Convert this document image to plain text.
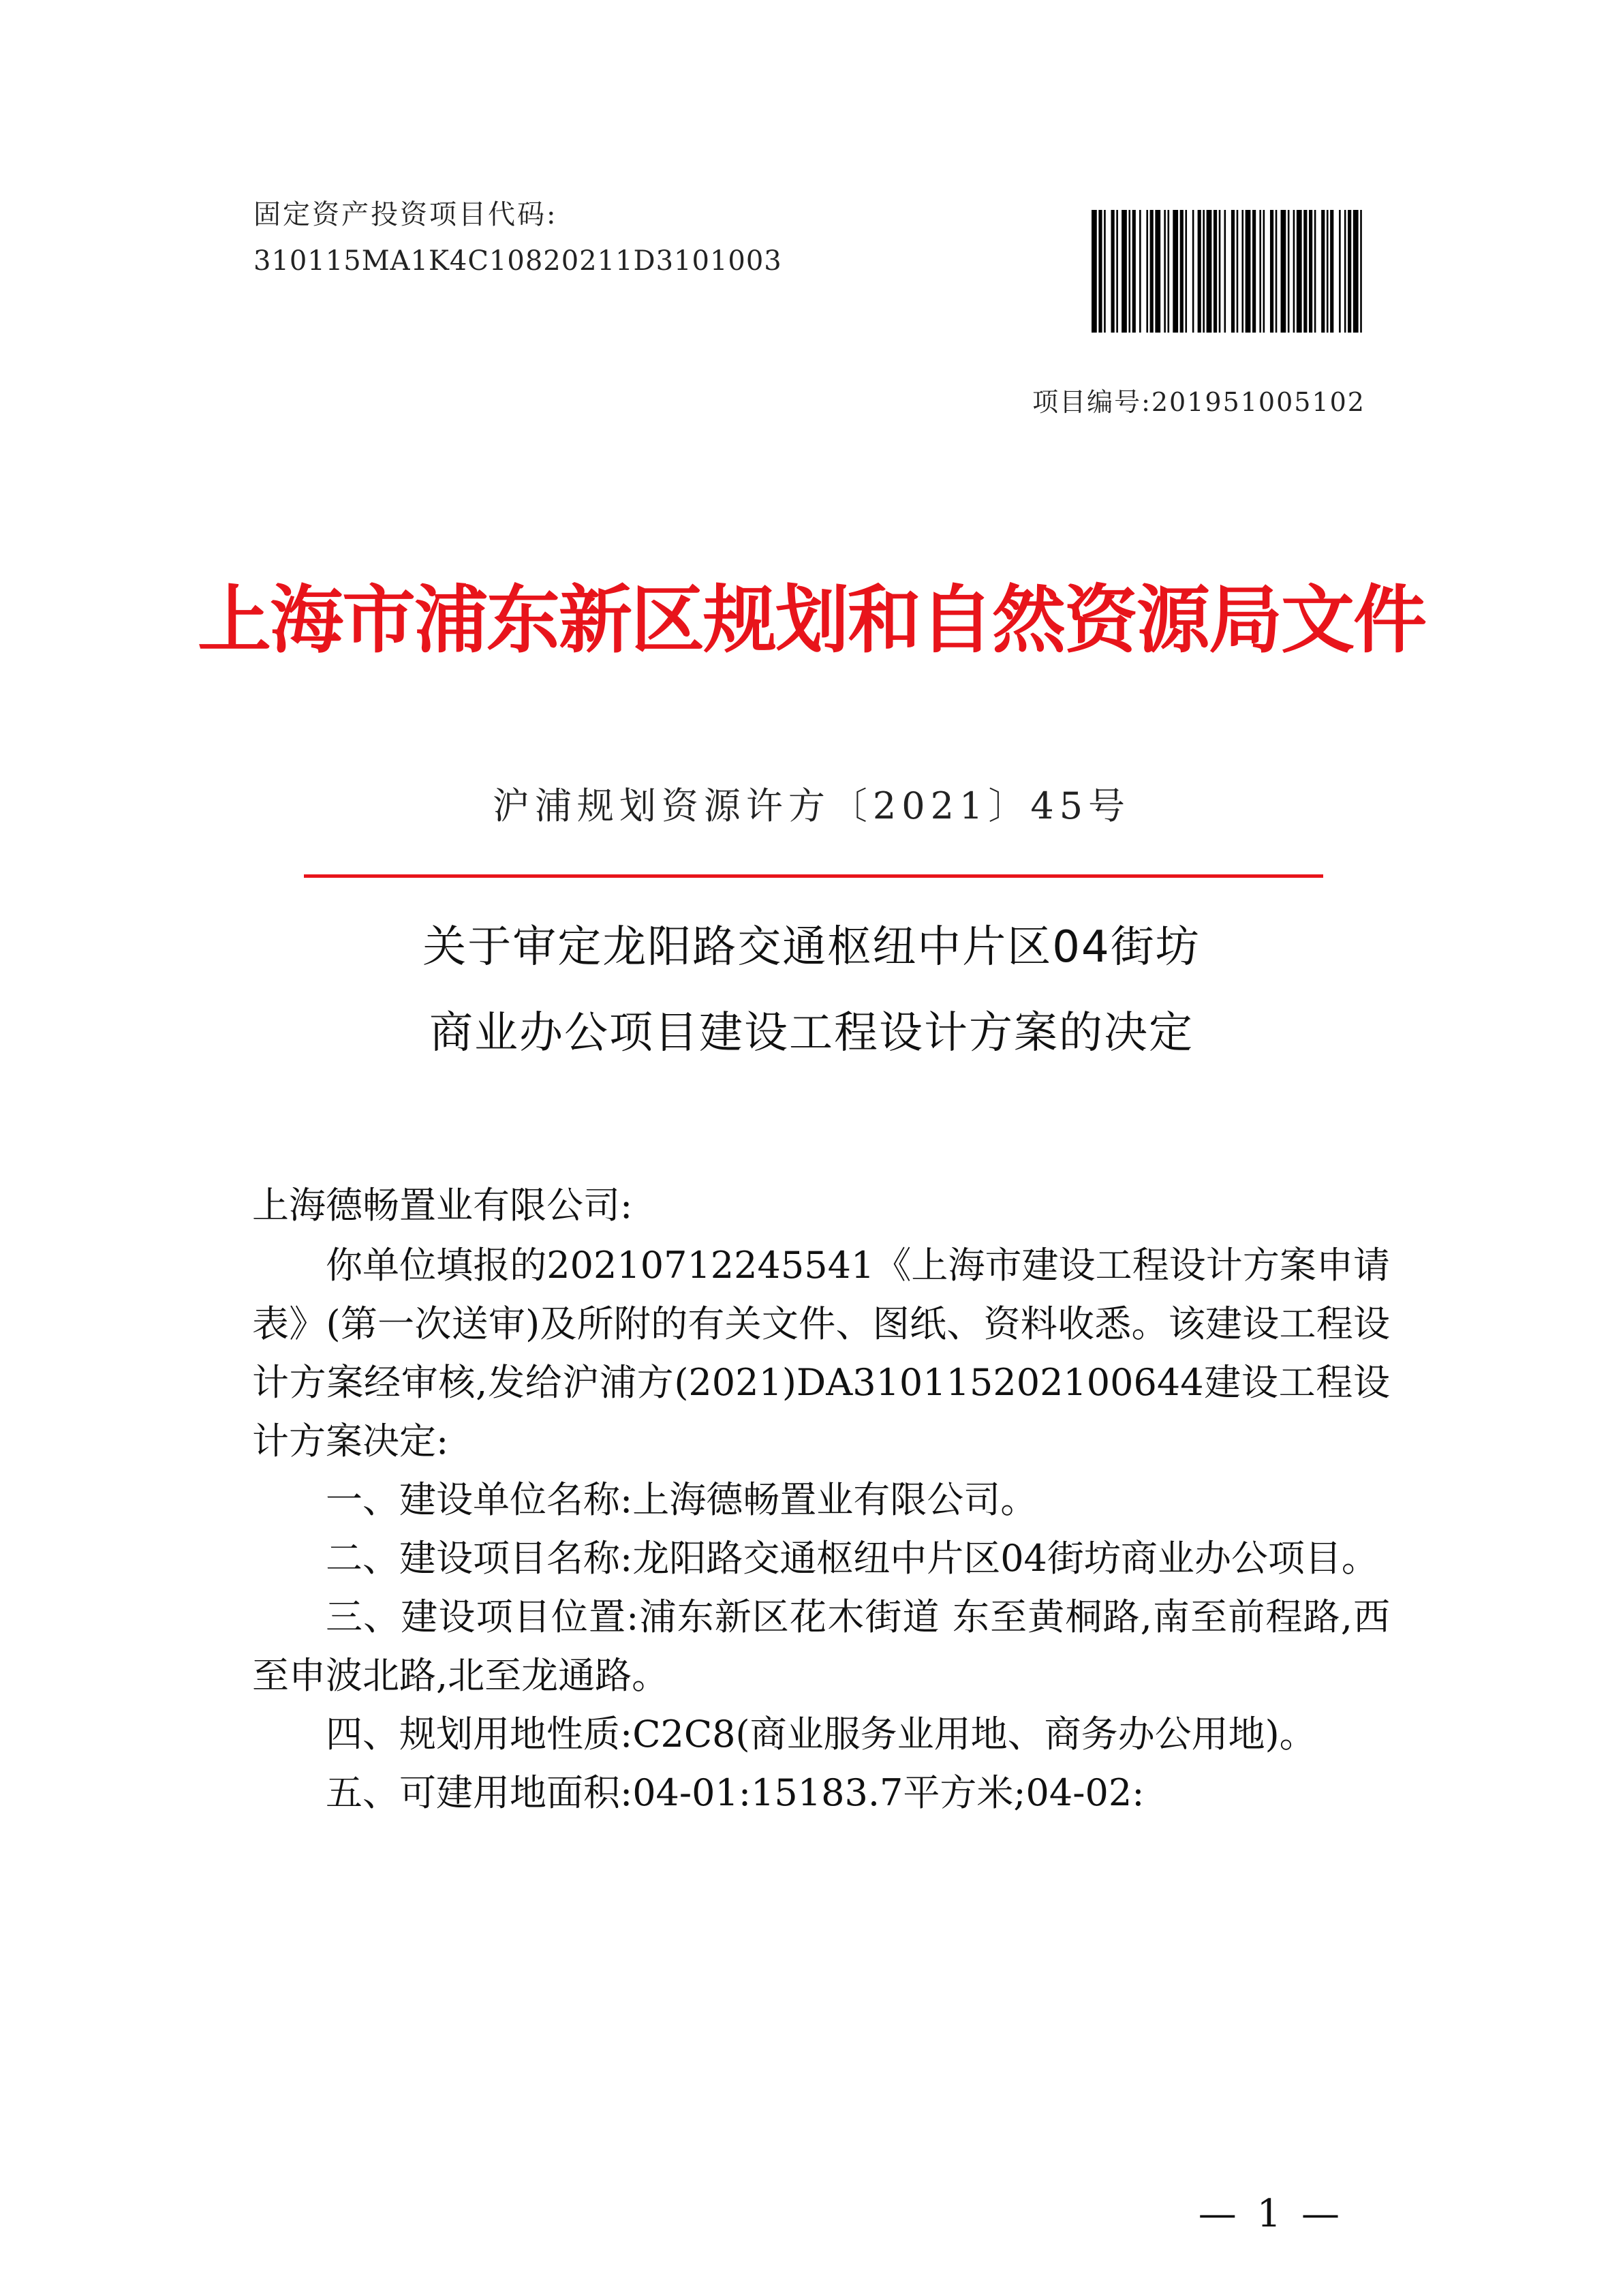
固定资产投资项目代码:
310115MA1K4C10820211D3101003
项目编号:201951005102
上海市浦东新区规划和自然资源局文件
沪浦规划资源许方〔2021〕45号
关于审定龙阳路交通枢纽中片区04街坊
商业办公项目建设工程设计方案的决定
上海德畅置业有限公司:

你单位填报的20210712245541《上海市建设工程设计方案申请表》(第一次送审)及所附的有关文件、图纸、资料收悉。该建设工程设计方案经审核,发给沪浦方(2021)DA310115202100644建设工程设计方案决定:

一、建设单位名称:上海德畅置业有限公司。

二、建设项目名称:龙阳路交通枢纽中片区04街坊商业办公项目。

三、建设项目位置:浦东新区花木街道 东至黄桐路,南至前程路,西至申波北路,北至龙通路。

四、规划用地性质:C2C8(商业服务业用地、商务办公用地)。

五、可建用地面积:04-01:15183.7平方米;04-02:

— 1 —
